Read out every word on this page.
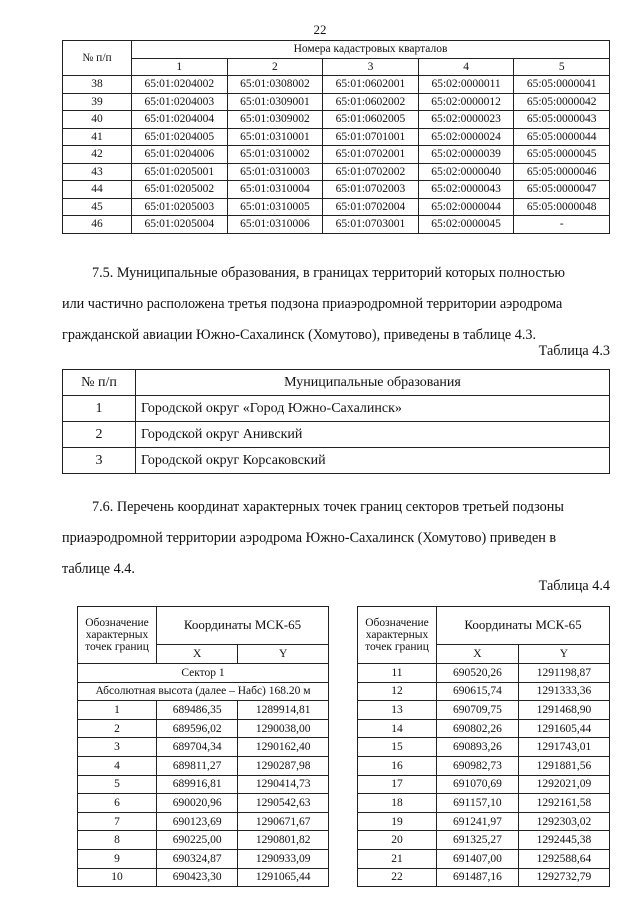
22
№ п/п	Номера кадастровых кварталов				
	1	2	3	4	5
38	65:01:0204002	65:01:0308002	65:01:0602001	65:02:0000011	65:05:0000041
39	65:01:0204003	65:01:0309001	65:01:0602002	65:02:0000012	65:05:0000042
40	65:01:0204004	65:01:0309002	65:01:0602005	65:02:0000023	65:05:0000043
41	65:01:0204005	65:01:0310001	65:01:0701001	65:02:0000024	65:05:0000044
42	65:01:0204006	65:01:0310002	65:01:0702001	65:02:0000039	65:05:0000045
43	65:01:0205001	65:01:0310003	65:01:0702002	65:02:0000040	65:05:0000046
44	65:01:0205002	65:01:0310004	65:01:0702003	65:02:0000043	65:05:0000047
45	65:01:0205003	65:01:0310005	65:01:0702004	65:02:0000044	65:05:0000048
46	65:01:0205004	65:01:0310006	65:01:0703001	65:02:0000045	-
7.5. Муниципальные образования, в границах территорий которых полностью
или частично расположена третья подзона приаэродромной территории аэродрома
гражданской авиации Южно-Сахалинск (Хомутово), приведены в таблице 4.3.
Таблица 4.3
№ п/п	Муниципальные образования
1	Городской округ «Город Южно-Сахалинск»
2	Городской округ Анивский
3	Городской округ Корсаковский
7.6. Перечень координат характерных точек границ секторов третьей подзоны
приаэродромной территории аэродрома Южно-Сахалинск (Хомутово) приведен в
таблице 4.4.
Таблица 4.4
Обозначение характерных точек границ	Координаты МСК-65	
	X	Y
Сектор 1		
Абсолютная высота (далее – Набс) 168.20 м		
1	689486,35	1289914,81
2	689596,02	1290038,00
3	689704,34	1290162,40
4	689811,27	1290287,98
5	689916,81	1290414,73
6	690020,96	1290542,63
7	690123,69	1290671,67
8	690225,00	1290801,82
9	690324,87	1290933,09
10	690423,30	1291065,44
Обозначение характерных точек границ	Координаты МСК-65	
	X	Y
11	690520,26	1291198,87
12	690615,74	1291333,36
13	690709,75	1291468,90
14	690802,26	1291605,44
15	690893,26	1291743,01
16	690982,73	1291881,56
17	691070,69	1292021,09
18	691157,10	1292161,58
19	691241,97	1292303,02
20	691325,27	1292445,38
21	691407,00	1292588,64
22	691487,16	1292732,79
